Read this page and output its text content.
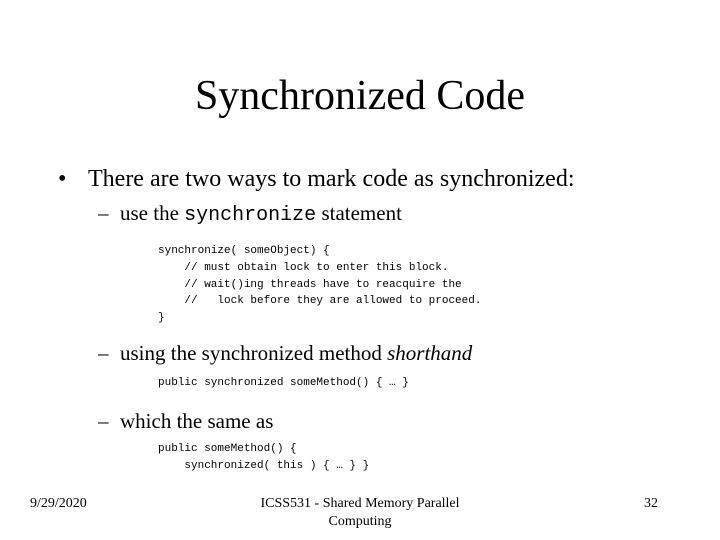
Synchronized Code
• There are two ways to mark code as synchronized:
– use the synchronize statement
synchronize( someObject) {
// must obtain lock to enter this block.
// wait()ing threads have to reacquire the
//   lock before they are allowed to proceed.
}
– using the synchronized method shorthand
public synchronized someMethod() { … }
– which the same as
public someMethod() {
synchronized( this ) { … } }
9/29/2020	ICSS531 - Shared Memory Parallel
Computing
32
